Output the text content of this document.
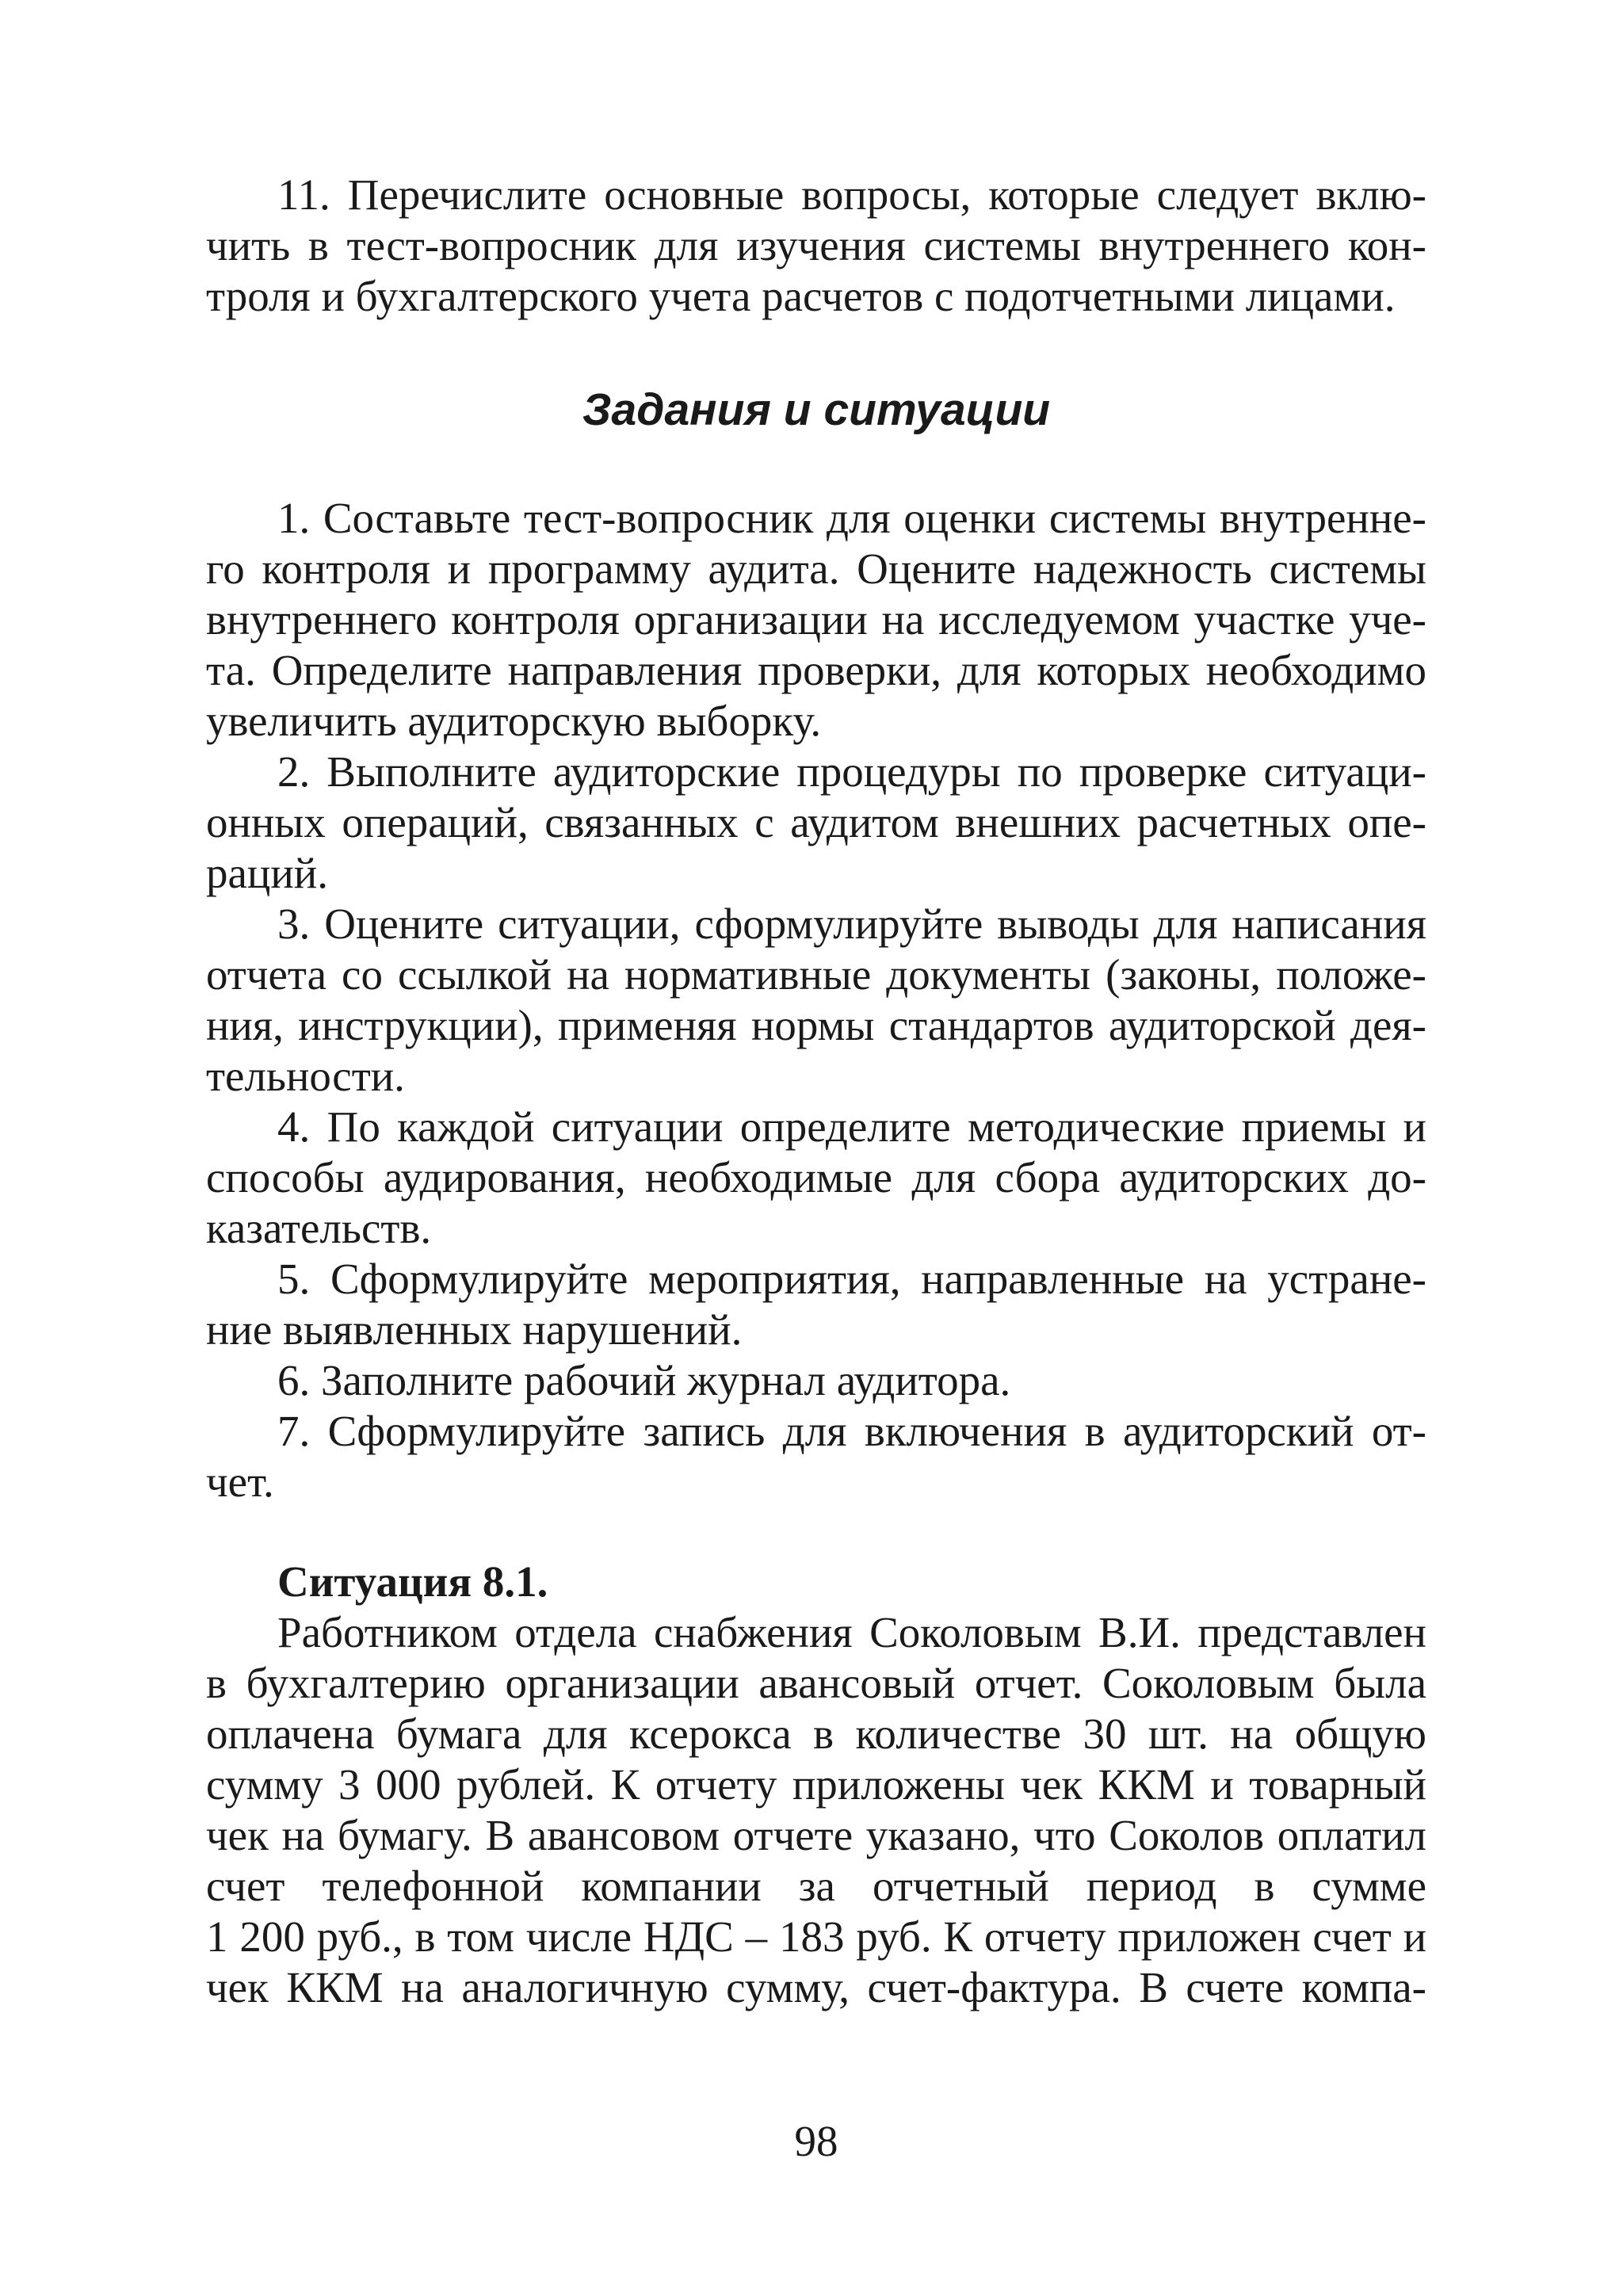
11. Перечислите основные вопросы, которые следует вклю-
чить в тест-вопросник для изучения системы внутреннего кон-
троля и бухгалтерского учета расчетов с подотчетными лицами.
Задания и ситуации
1. Составьте тест-вопросник для оценки системы внутренне-
го контроля и программу аудита. Оцените надежность системы
внутреннего контроля организации на исследуемом участке уче-
та. Определите направления проверки, для которых необходимо
увеличить аудиторскую выборку.
2. Выполните аудиторские процедуры по проверке ситуаци-
онных операций, связанных с аудитом внешних расчетных опе-
раций.
3. Оцените ситуации, сформулируйте выводы для написания
отчета со ссылкой на нормативные документы (законы, положе-
ния, инструкции), применяя нормы стандартов аудиторской дея-
тельности.
4. По каждой ситуации определите методические приемы и
способы аудирования, необходимые для сбора аудиторских до-
казательств.
5. Сформулируйте мероприятия, направленные на устране-
ние выявленных нарушений.
6. Заполните рабочий журнал аудитора.
7. Сформулируйте запись для включения в аудиторский от-
чет.
Ситуация 8.1.
Работником отдела снабжения Соколовым В.И. представлен
в бухгалтерию организации авансовый отчет. Соколовым была
оплачена бумага для ксерокса в количестве 30 шт. на общую
сумму 3 000 рублей. К отчету приложены чек ККМ и товарный
чек на бумагу. В авансовом отчете указано, что Соколов оплатил
счет телефонной компании за отчетный период в сумме
1 200 руб., в том числе НДС – 183 руб. К отчету приложен счет и
чек ККМ на аналогичную сумму, счет-фактура. В счете компа-
98
